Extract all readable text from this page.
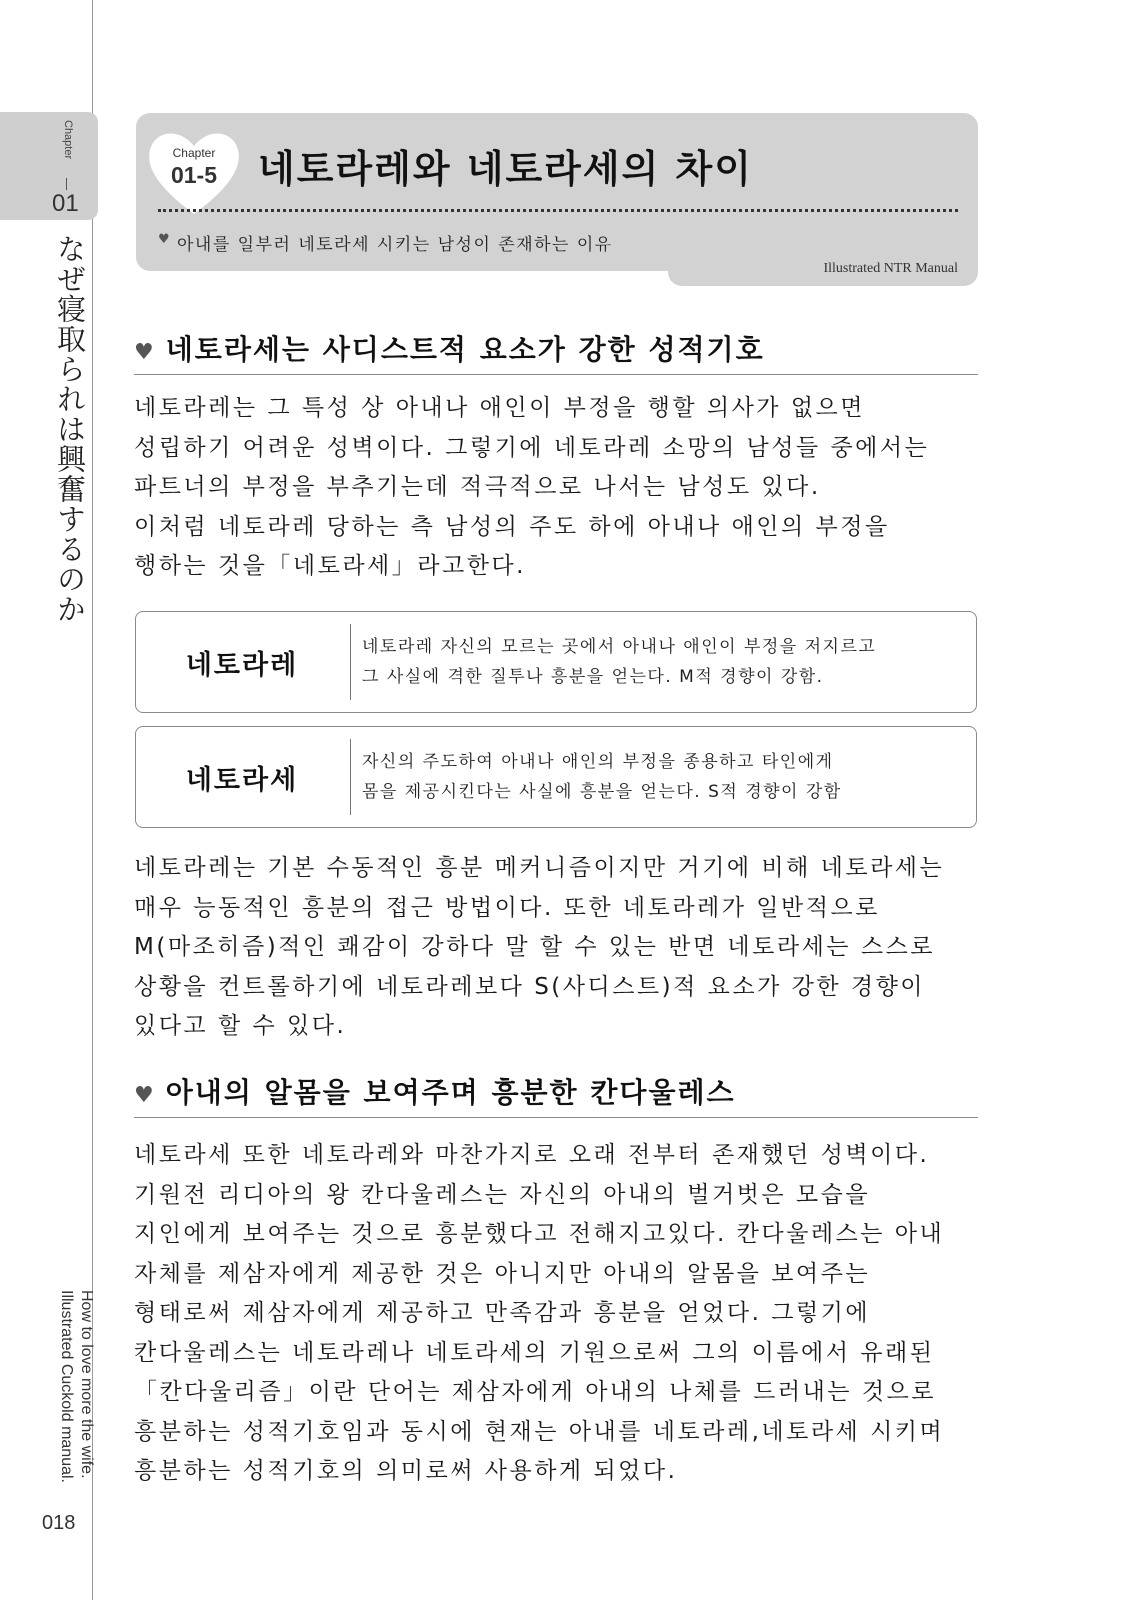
Chapter
01
なぜ寝取られは興奮するのか
How to love more the wife.
Illustrated Cuckold manual.
018
Chapter
01-5	네토라레와 네토라세의 차이
♥ 아내를 일부러 네토라세 시키는 남성이 존재하는 이유
Illustrated NTR Manual
♥ 네토라세는 사디스트적 요소가 강한 성적기호
네토라레는 그 특성 상 아내나 애인이 부정을 행할 의사가 없으면
성립하기 어려운 성벽이다. 그렇기에 네토라레 소망의 남성들 중에서는
파트너의 부정을 부추기는데 적극적으로 나서는 남성도 있다.
이처럼 네토라레 당하는 측 남성의 주도 하에 아내나 애인의 부정을
행하는 것을「네토라세」라고한다.
네토라레
네토라레 자신의 모르는 곳에서 아내나 애인이 부정을 저지르고
그 사실에 격한 질투나 흥분을 얻는다. M적 경향이 강함.
네토라세
자신의 주도하여 아내나 애인의 부정을 종용하고 타인에게
몸을 제공시킨다는 사실에 흥분을 얻는다. S적 경향이 강함
네토라레는 기본 수동적인 흥분 메커니즘이지만 거기에 비해 네토라세는
매우 능동적인 흥분의 접근 방법이다. 또한 네토라레가 일반적으로
M(마조히즘)적인 쾌감이 강하다 말 할 수 있는 반면 네토라세는 스스로
상황을 컨트롤하기에 네토라레보다 S(사디스트)적 요소가 강한 경향이
있다고 할 수 있다.
♥ 아내의 알몸을 보여주며 흥분한 칸다울레스
네토라세 또한 네토라레와 마찬가지로 오래 전부터 존재했던 성벽이다.
기원전 리디아의 왕 칸다울레스는 자신의 아내의 벌거벗은 모습을
지인에게 보여주는 것으로 흥분했다고 전해지고있다. 칸다울레스는 아내
자체를 제삼자에게 제공한 것은 아니지만 아내의 알몸을 보여주는
형태로써 제삼자에게 제공하고 만족감과 흥분을 얻었다. 그렇기에
칸다울레스는 네토라레나 네토라세의 기원으로써 그의 이름에서 유래된
「칸다울리즘」이란 단어는 제삼자에게 아내의 나체를 드러내는 것으로
흥분하는 성적기호임과 동시에 현재는 아내를 네토라레,네토라세 시키며
흥분하는 성적기호의 의미로써 사용하게 되었다.
